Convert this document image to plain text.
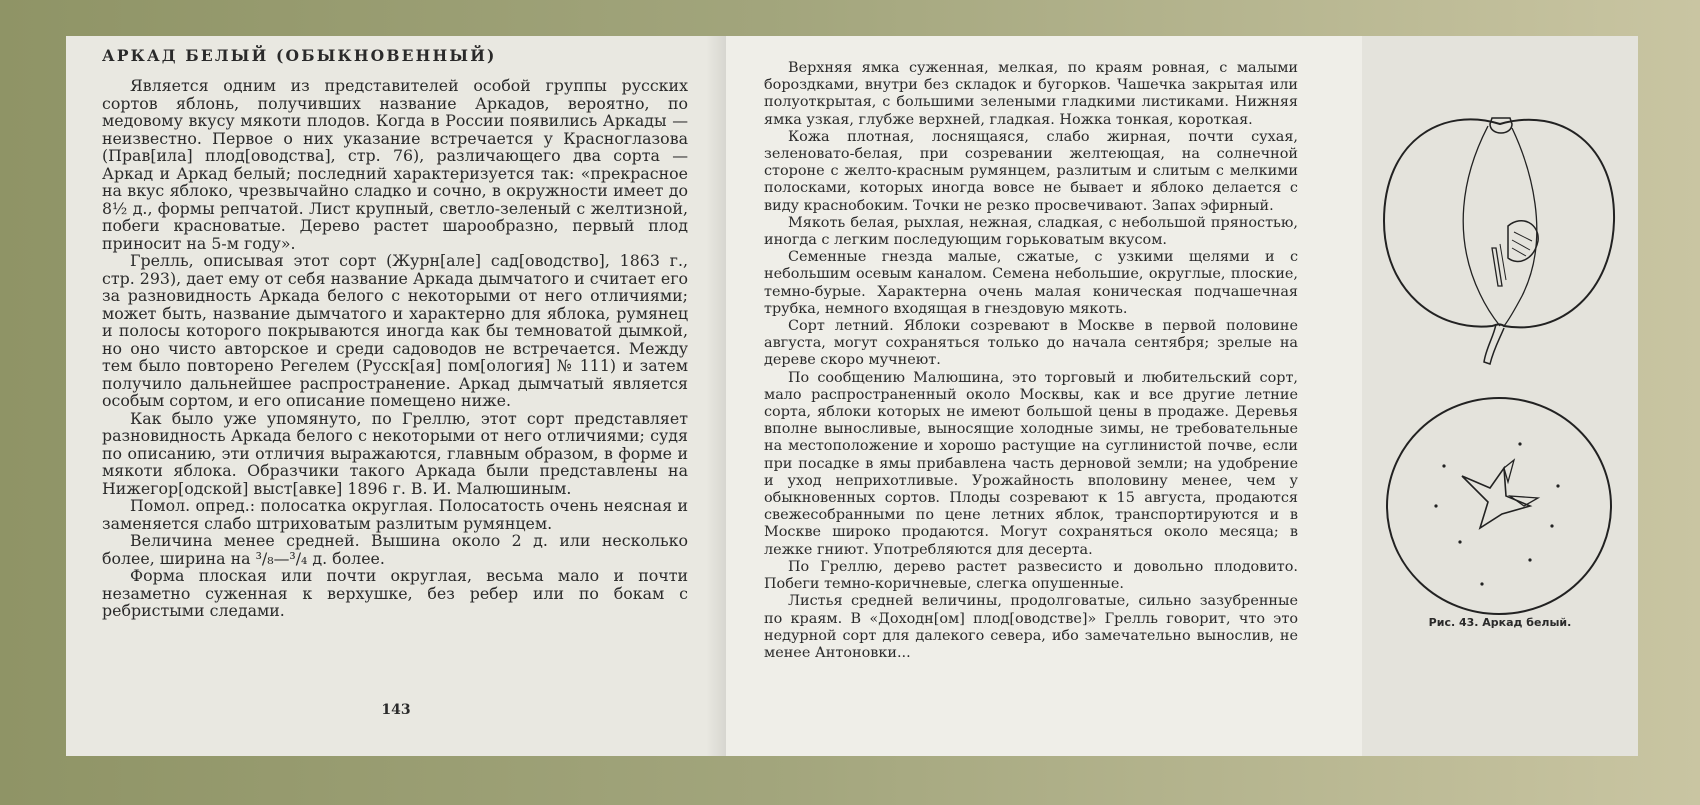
АРКАД БЕЛЫЙ (ОБЫКНОВЕННЫЙ)

Является одним из представителей особой группы русских сортов яблонь, получивших название Аркадов, вероятно, по медовому вкусу мякоти плодов. Когда в России появились Аркады — неизвестно. Первое о них указание встречается у Красноглазова (Прав[ила] плод[оводства], стр. 76), различающего два сорта — Аркад и Аркад белый; последний характеризуется так: «прекрасное на вкус яблоко, чрезвычайно сладко и сочно, в окружности имеет до 8½ д., формы репчатой. Лист крупный, светло-зеленый с желтизной, побеги красноватые. Дерево растет шарообразно, первый плод приносит на 5-м году».

Грелль, описывая этот сорт (Журн[але] сад[оводство], 1863 г., стр. 293), дает ему от себя название Аркада дымчатого и считает его за разновидность Аркада белого с некоторыми от него отличиями; может быть, название дымчатого и характерно для яблока, румянец и полосы которого покрываются иногда как бы темноватой дымкой, но оно чисто авторское и среди садоводов не встречается. Между тем было повторено Регелем (Русск[ая] пом[ология] № 111) и затем получило дальнейшее распространение. Аркад дымчатый является особым сортом, и его описание помещено ниже.

Как было уже упомянуто, по Греллю, этот сорт представляет разновидность Аркада белого с некоторыми от него отличиями; судя по описанию, эти отличия выражаются, главным образом, в форме и мякоти яблока. Образчики такого Аркада были представлены на Нижегор[одской] выст[авке] 1896 г. В. И. Малюшиным.

Помол. опред.: полосатка округлая. Полосатость очень неясная и заменяется слабо штриховатым разлитым румянцем.

Величина менее средней. Вышина около 2 д. или несколько более, ширина на ³/₈—³/₄ д. более.

Форма плоская или почти округлая, весьма мало и почти незаметно суженная к верхушке, без ребер или по бокам с ребристыми следами.

143

Верхняя ямка суженная, мелкая, по краям ровная, с малыми бороздками, внутри без складок и бугорков. Чашечка закрытая или полуоткрытая, с большими зелеными гладкими листиками. Нижняя ямка узкая, глубже верхней, гладкая. Ножка тонкая, короткая.

Кожа плотная, лоснящаяся, слабо жирная, почти сухая, зеленовато-белая, при созревании желтеющая, на солнечной стороне с желто-красным румянцем, разлитым и слитым с мелкими полосками, которых иногда вовсе не бывает и яблоко делается с виду краснобоким. Точки не резко просвечивают. Запах эфирный.

Мякоть белая, рыхлая, нежная, сладкая, с небольшой пряностью, иногда с легким последующим горьковатым вкусом.

Семенные гнезда малые, сжатые, с узкими щелями и с небольшим осевым каналом. Семена небольшие, округлые, плоские, темно-бурые. Характерна очень малая коническая подчашечная трубка, немного входящая в гнездовую мякоть.

Сорт летний. Яблоки созревают в Москве в первой половине августа, могут сохраняться только до начала сентября; зрелые на дереве скоро мучнеют.

По сообщению Малюшина, это торговый и любительский сорт, мало распространенный около Москвы, как и все другие летние сорта, яблоки которых не имеют большой цены в продаже. Деревья вполне выносливые, выносящие холодные зимы, не требовательные на местоположение и хорошо растущие на суглинистой почве, если при посадке в ямы прибавлена часть дерновой земли; на удобрение и уход неприхотливые. Урожайность вполовину менее, чем у обыкновенных сортов. Плоды созревают к 15 августа, продаются свежесобранными по цене летних яблок, транспортируются и в Москве широко продаются. Могут сохраняться около месяца; в лежке гниют. Употребляются для десерта.

По Греллю, дерево растет развесисто и довольно плодовито. Побеги темно-коричневые, слегка опушенные.

Листья средней величины, продолговатые, сильно зазубренные по краям. В «Доходн[ом] плод[оводстве]» Грелль говорит, что это недурной сорт для далекого севера, ибо замечательно вынослив, не менее Антоновки...

Рис. 43. Аркад белый.
